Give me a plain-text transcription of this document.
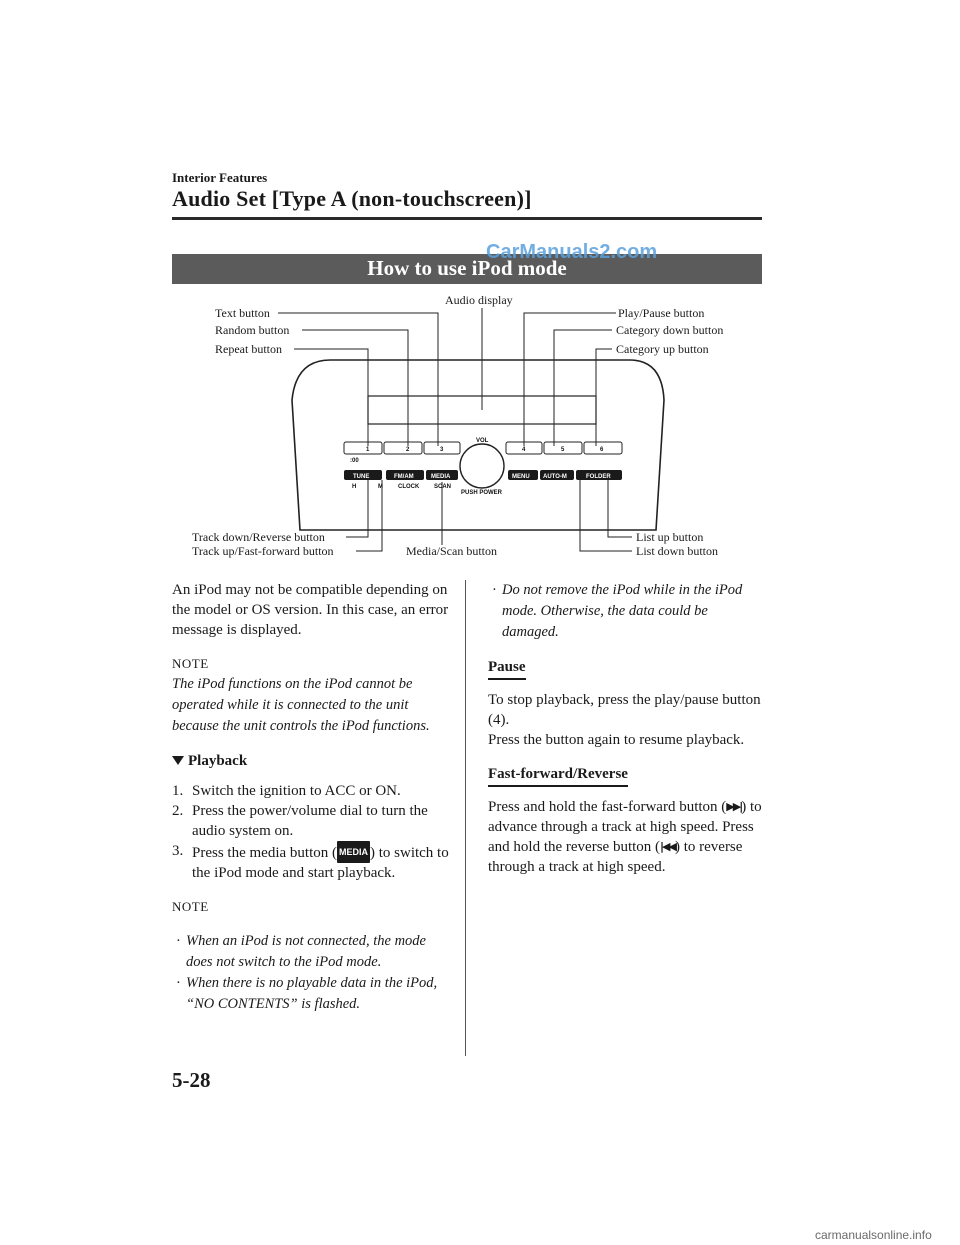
Interior Features
Audio Set [Type A (non-touchscreen)]
How to use iPod mode
CarManuals2.com
1	2	3	4	5	6
:00
VOL
PUSH POWER
TUNE	FM/AM	MEDIA	MENU AUTO-M	FOLDER
H	M	CLOCK SCAN
Text button
Random button
Repeat button
Audio display
Play/Pause button
Category down button
Category up button
Track down/Reverse button
Track up/Fast-forward button	Media/Scan button
List up button
List down button

An iPod may not be compatible depending on the model or OS version. In this case, an error message is displayed.

NOTE

The iPod functions on the iPod cannot be operated while it is connected to the unit because the unit controls the iPod functions.

Playback

1. Switch the ignition to ACC or ON.
2. Press the power/volume dial to turn the audio system on.
3. Press the media button ( MEDIA ) to switch to the iPod mode and start playback.

NOTE

· When an iPod is not connected, the mode does not switch to the iPod mode.
· When there is no playable data in the iPod, “NO CONTENTS” is flashed.
· Do not remove the iPod while in the iPod mode. Otherwise, the data could be damaged.

Pause

To stop playback, press the play/pause button (4).

Press the button again to resume playback.

Fast-forward/Reverse

Press and hold the fast-forward button (▶▶|) to advance through a track at high speed. Press and hold the reverse button (|◀◀) to reverse through a track at high speed.

5-28
carmanualsonline.info
